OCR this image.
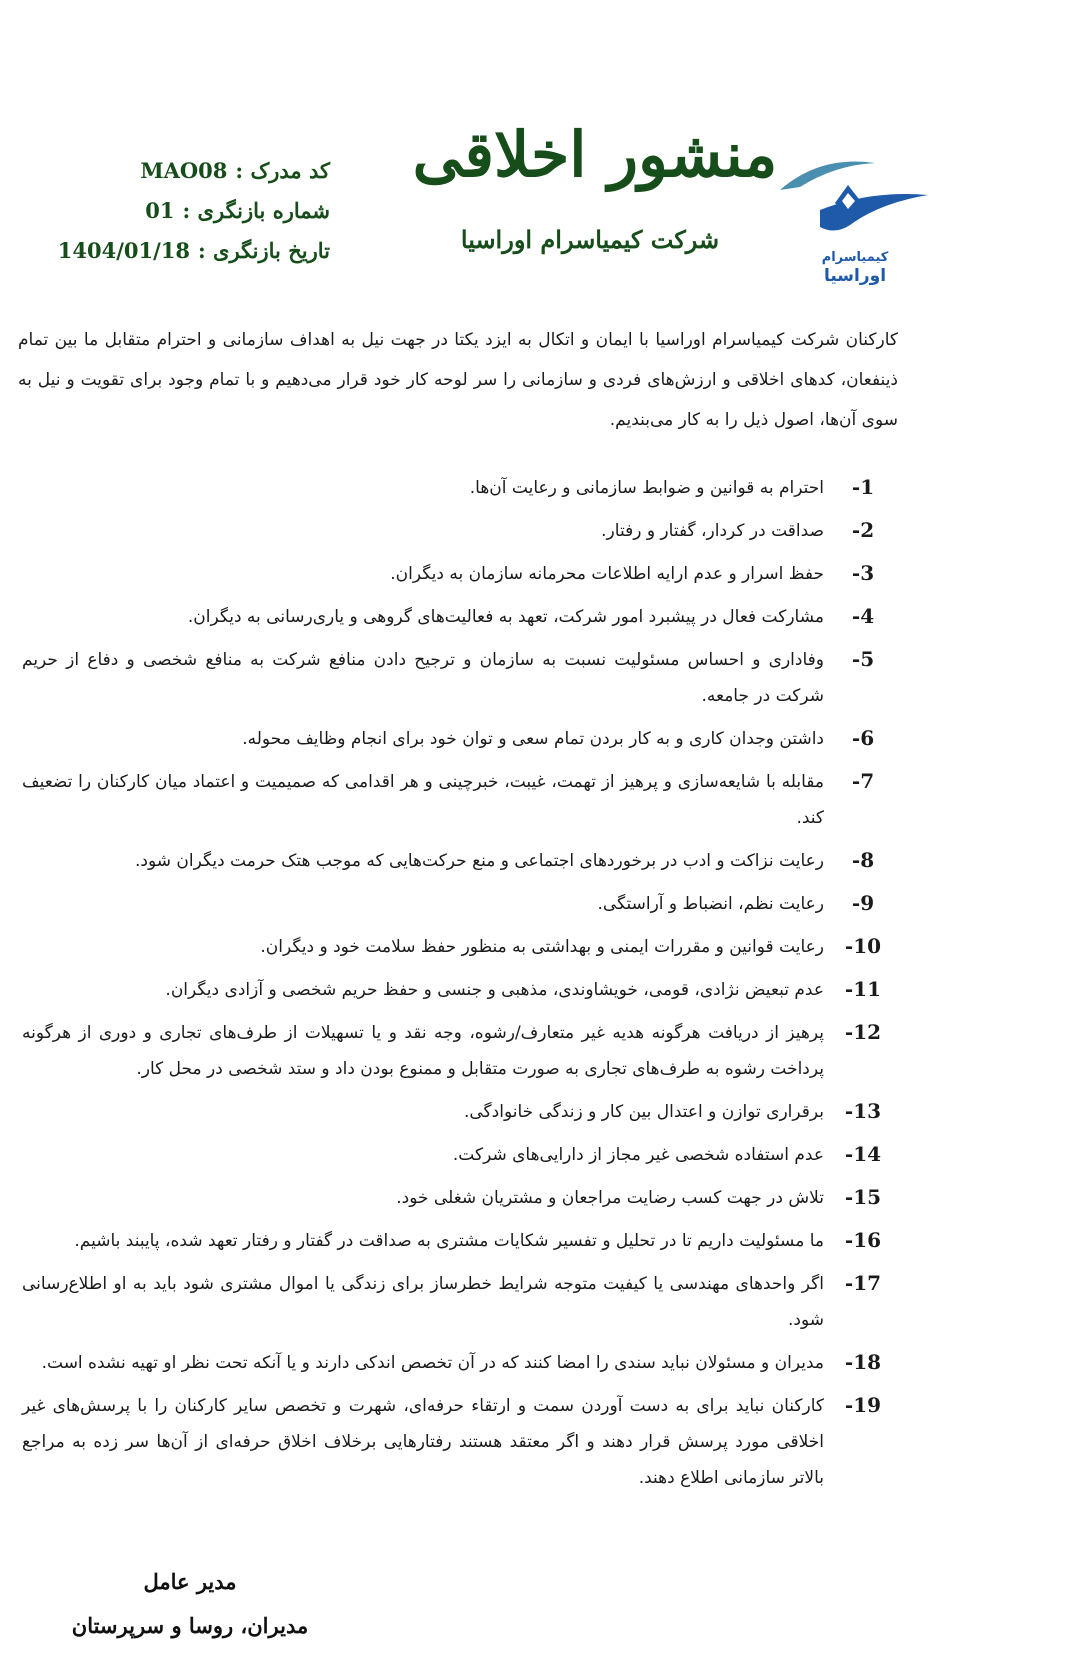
کیمیاسرام
اوراسیا
منشور اخلاقی
شرکت کیمیاسرام اوراسیا
کد مدرک :
MAO08
شماره بازنگری :
01
تاریخ بازنگری :
1404/01/18
کارکنان شرکت کیمیاسرام اوراسیا با ایمان و اتکال به ایزد یکتا در جهت نیل به اهداف سازمانی و احترام متقابل ما بین تمام ذینفعان، کدهای اخلاقی و ارزش‌های فردی و سازمانی را سر لوحه کار خود قرار می‌دهیم و با تمام وجود برای تقویت و نیل به سوی آن‌ها، اصول ذیل را به کار می‌بندیم.
-1
احترام به قوانین و ضوابط سازمانی و رعایت آن‌ها.
-2
صداقت در کردار، گفتار و رفتار.
-3
حفظ اسرار و عدم ارایه اطلاعات محرمانه سازمان به دیگران.
-4
مشارکت فعال در پیشبرد امور شرکت، تعهد به فعالیت‌های گروهی و یاری‌رسانی به دیگران.
-5
وفاداری و احساس مسئولیت نسبت به سازمان و ترجیح دادن منافع شرکت به منافع شخصی و دفاع از حریم شرکت در جامعه.
-6
داشتن وجدان کاری و به کار بردن تمام سعی و توان خود برای انجام وظایف محوله.
-7
مقابله با شایعه‌سازی و پرهیز از تهمت، غیبت، خبرچینی و هر اقدامی که صمیمیت و اعتماد میان کارکنان را تضعیف کند.
-8
رعایت نزاکت و ادب در برخوردهای اجتماعی و منع حرکت‌هایی که موجب هتک حرمت دیگران شود.
-9
رعایت نظم، انضباط و آراستگی.
-10
رعایت قوانین و مقررات ایمنی و بهداشتی به منظور حفظ سلامت خود و دیگران.
-11
عدم تبعیض نژادی، قومی، خویشاوندی، مذهبی و جنسی و حفظ حریم شخصی و آزادی دیگران.
-12
پرهیز از دریافت هرگونه هدیه غیر متعارف/رشوه، وجه نقد و یا تسهیلات از طرف‌های تجاری و دوری از هرگونه پرداخت رشوه به طرف‌های تجاری به صورت متقابل و ممنوع بودن داد و ستد شخصی در محل کار.
-13
برقراری توازن و اعتدال بین کار و زندگی خانوادگی.
-14
عدم استفاده شخصی غیر مجاز از دارایی‌های شرکت.
-15
تلاش در جهت کسب رضایت مراجعان و مشتریان شغلی خود.
-16
ما مسئولیت داریم تا در تحلیل و تفسیر شکایات مشتری به صداقت در گفتار و رفتار تعهد شده، پایبند باشیم.
-17
اگر واحدهای مهندسی یا کیفیت متوجه شرایط خطرساز برای زندگی یا اموال مشتری شود باید به او اطلاع‌رسانی شود.
-18
مدیران و مسئولان نباید سندی را امضا کنند که در آن تخصص اندکی دارند و یا آنکه تحت نظر او تهیه نشده است.
-19
کارکنان نباید برای به دست آوردن سمت و ارتقاء حرفه‌ای، شهرت و تخصص سایر کارکنان را با پرسش‌های غیر اخلاقی مورد پرسش قرار دهند و اگر معتقد هستند رفتارهایی برخلاف اخلاق حرفه‌ای از آن‌ها سر زده به مراجع بالاتر سازمانی اطلاع دهند.
مدیر عامل
مدیران، روسا و سرپرستان
